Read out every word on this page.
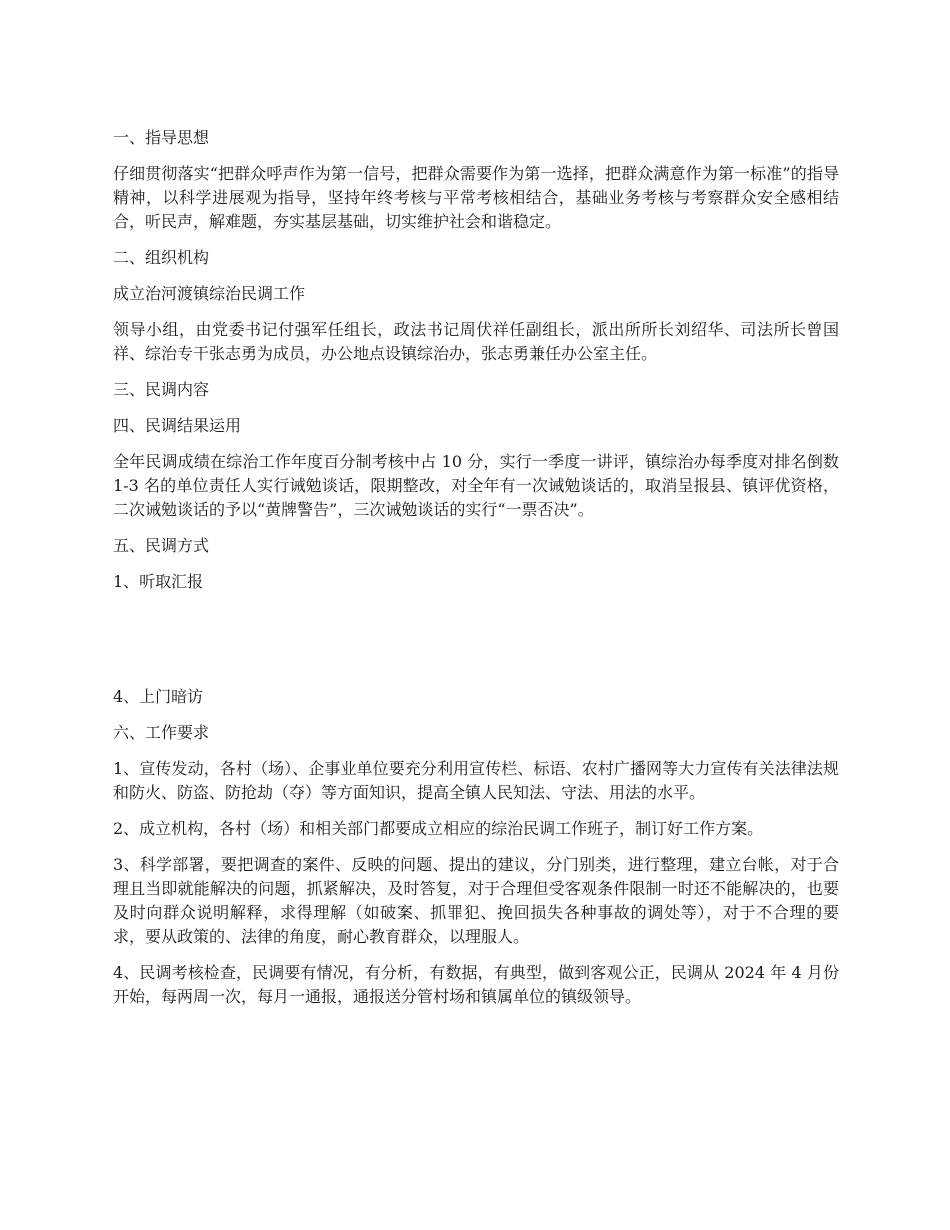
一、指导思想

仔细贯彻落实“把群众呼声作为第一信号，把群众需要作为第一选择，把群众满意作为第一标准”的指导精神，以科学进展观为指导，坚持年终考核与平常考核相结合，基础业务考核与考察群众安全感相结合，听民声，解难题，夯实基层基础，切实维护社会和谐稳定。

二、组织机构

成立治河渡镇综治民调工作

领导小组，由党委书记付强军任组长，政法书记周伏祥任副组长，派出所所长刘绍华、司法所长曾国祥、综治专干张志勇为成员，办公地点设镇综治办，张志勇兼任办公室主任。

三、民调内容

四、民调结果运用

全年民调成绩在综治工作年度百分制考核中占 10 分，实行一季度一讲评，镇综治办每季度对排名倒数 1-3 名的单位责任人实行诫勉谈话，限期整改，对全年有一次诫勉谈话的，取消呈报县、镇评优资格，二次诫勉谈话的予以“黄牌警告”，三次诫勉谈话的实行“一票否决”。

五、民调方式

1、听取汇报

4、上门暗访

六、工作要求

1、宣传发动，各村（场）、企事业单位要充分利用宣传栏、标语、农村广播网等大力宣传有关法律法规和防火、防盗、防抢劫（夺）等方面知识，提高全镇人民知法、守法、用法的水平。

2、成立机构，各村（场）和相关部门都要成立相应的综治民调工作班子，制订好工作方案。

3、科学部署，要把调查的案件、反映的问题、提出的建议，分门别类，进行整理，建立台帐，对于合理且当即就能解决的问题，抓紧解决，及时答复，对于合理但受客观条件限制一时还不能解决的，也要及时向群众说明解释，求得理解（如破案、抓罪犯、挽回损失各种事故的调处等），对于不合理的要求，要从政策的、法律的角度，耐心教育群众，以理服人。

4、民调考核检查，民调要有情况，有分析，有数据，有典型，做到客观公正，民调从 2024 年 4 月份开始，每两周一次，每月一通报，通报送分管村场和镇属单位的镇级领导。
